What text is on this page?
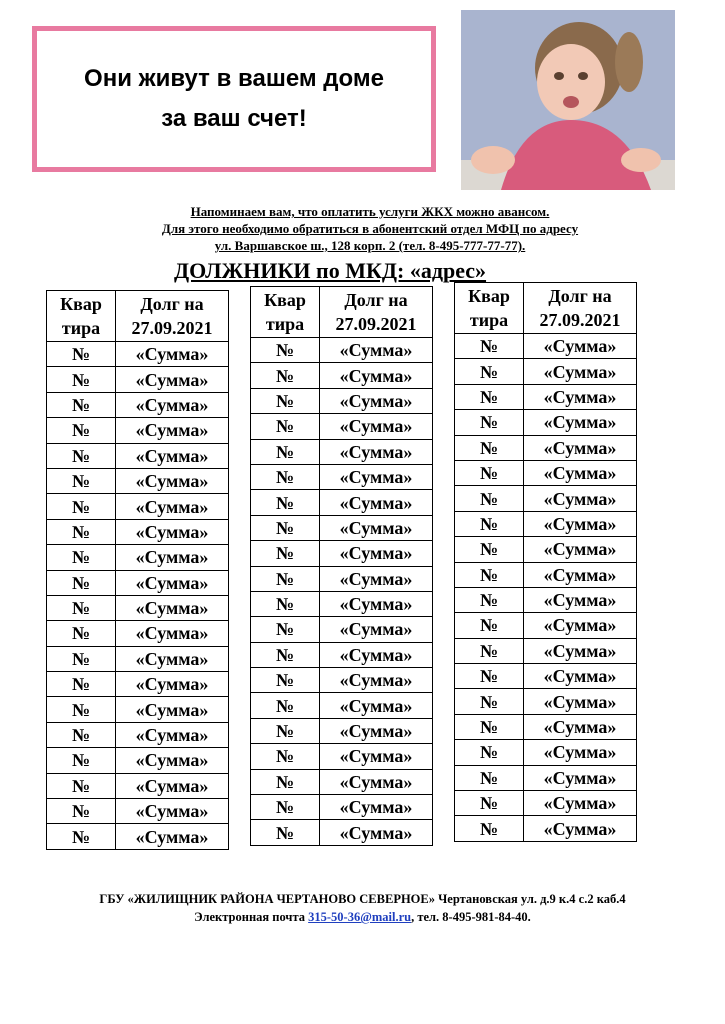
Они живут в вашем доме
за ваш счет!
Напоминаем вам, что оплатить услуги ЖКХ можно авансом.
Для этого необходимо обратиться в абонентский отдел МФЦ по адресу
ул. Варшавское ш., 128 корп. 2 (тел. 8-495-777-77-77).
ДОЛЖНИКИ по МКД: «адрес»
Квар тира	Долг на 27.09.2021
№	«Сумма»
№	«Сумма»
№	«Сумма»
№	«Сумма»
№	«Сумма»
№	«Сумма»
№	«Сумма»
№	«Сумма»
№	«Сумма»
№	«Сумма»
№	«Сумма»
№	«Сумма»
№	«Сумма»
№	«Сумма»
№	«Сумма»
№	«Сумма»
№	«Сумма»
№	«Сумма»
№	«Сумма»
№	«Сумма»
Квар тира	Долг на 27.09.2021
№	«Сумма»
№	«Сумма»
№	«Сумма»
№	«Сумма»
№	«Сумма»
№	«Сумма»
№	«Сумма»
№	«Сумма»
№	«Сумма»
№	«Сумма»
№	«Сумма»
№	«Сумма»
№	«Сумма»
№	«Сумма»
№	«Сумма»
№	«Сумма»
№	«Сумма»
№	«Сумма»
№	«Сумма»
№	«Сумма»
Квар тира	Долг на 27.09.2021
№	«Сумма»
№	«Сумма»
№	«Сумма»
№	«Сумма»
№	«Сумма»
№	«Сумма»
№	«Сумма»
№	«Сумма»
№	«Сумма»
№	«Сумма»
№	«Сумма»
№	«Сумма»
№	«Сумма»
№	«Сумма»
№	«Сумма»
№	«Сумма»
№	«Сумма»
№	«Сумма»
№	«Сумма»
№	«Сумма»
ГБУ «ЖИЛИЩНИК РАЙОНА ЧЕРТАНОВО СЕВЕРНОЕ» Чертановская ул. д.9 к.4 с.2 каб.4
Электронная почта 315-50-36@mail.ru, тел. 8-495-981-84-40.
